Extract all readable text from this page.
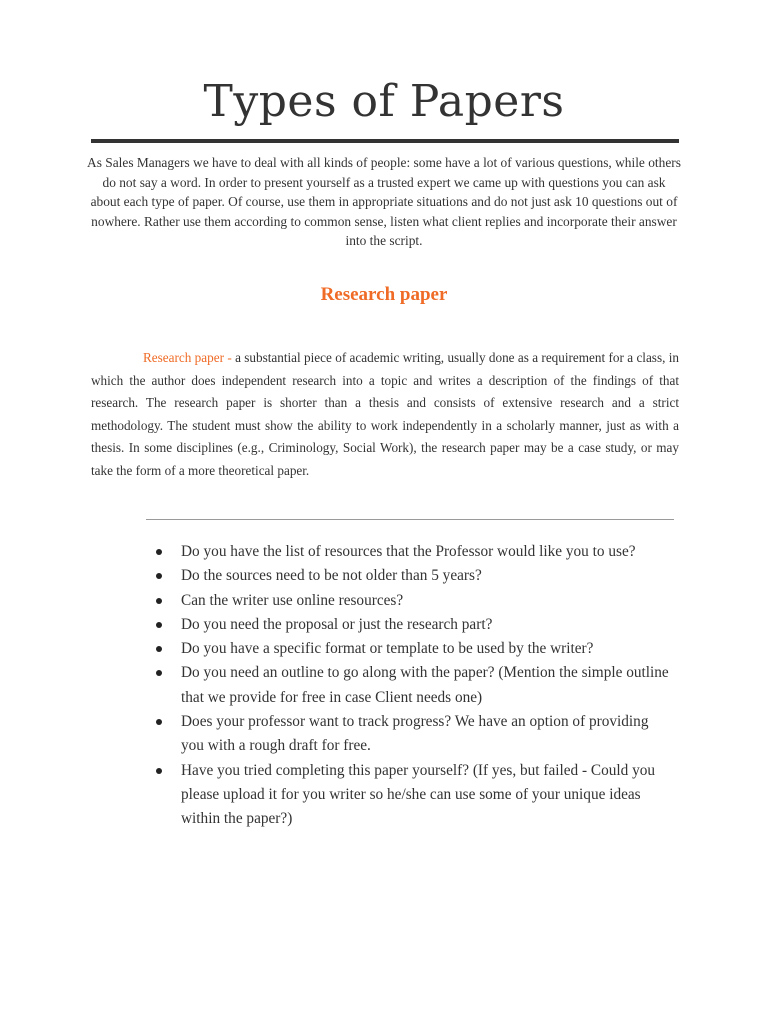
Types of Papers

As Sales Managers we have to deal with all kinds of people: some have a lot of various questions, while others do not say a word. In order to present yourself as a trusted expert we came up with questions you can ask about each type of paper. Of course, use them in appropriate situations and do not just ask 10 questions out of nowhere. Rather use them according to common sense, listen what client replies and incorporate their answer into the script.

Research paper

Research paper - a substantial piece of academic writing, usually done as a requirement for a class, in which the author does independent research into a topic and writes a description of the findings of that research. The research paper is shorter than a thesis and consists of extensive research and a strict methodology. The student must show the ability to work independently in a scholarly manner, just as with a thesis. In some disciplines (e.g., Criminology, Social Work), the research paper may be a case study, or may take the form of a more theoretical paper.

Do you have the list of resources that the Professor would like you to use?
Do the sources need to be not older than 5 years?
Can the writer use online resources?
Do you need the proposal or just the research part?
Do you have a specific format or template to be used by the writer?
Do you need an outline to go along with the paper? (Mention the simple outline that we provide for free in case Client needs one)
Does your professor want to track progress? We have an option of providing you with a rough draft for free.
Have you tried completing this paper yourself? (If yes, but failed - Could you please upload it for you writer so he/she can use some of your unique ideas within the paper?)
